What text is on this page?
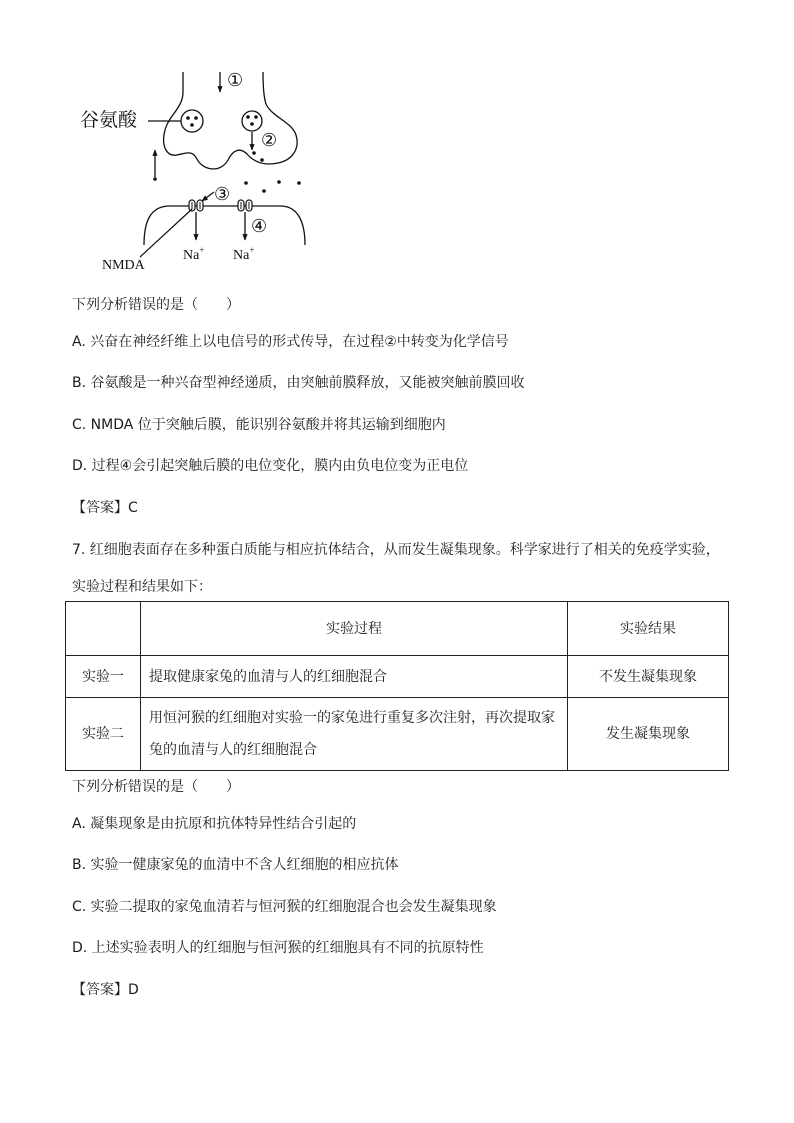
谷氨酸
①
②
③
④
Na+ Na+
NMDA
下列分析错误的是（　　）
A. 兴奋在神经纤维上以电信号的形式传导，在过程②中转变为化学信号
B. 谷氨酸是一种兴奋型神经递质，由突触前膜释放，又能被突触前膜回收
C. NMDA 位于突触后膜，能识别谷氨酸并将其运输到细胞内
D. 过程④会引起突触后膜的电位变化，膜内由负电位变为正电位
【答案】C
7. 红细胞表面存在多种蛋白质能与相应抗体结合，从而发生凝集现象。科学家进行了相关的免疫学实验，
实验过程和结果如下：
	实验过程	实验结果
实验一	提取健康家兔的血清与人的红细胞混合	不发生凝集现象
实验二	用恒河猴的红细胞对实验一的家兔进行重复多次注射，再次提取家兔的血清与人的红细胞混合	发生凝集现象
下列分析错误的是（　　）
A. 凝集现象是由抗原和抗体特异性结合引起的
B. 实验一健康家兔的血清中不含人红细胞的相应抗体
C. 实验二提取的家兔血清若与恒河猴的红细胞混合也会发生凝集现象
D. 上述实验表明人的红细胞与恒河猴的红细胞具有不同的抗原特性
【答案】D
